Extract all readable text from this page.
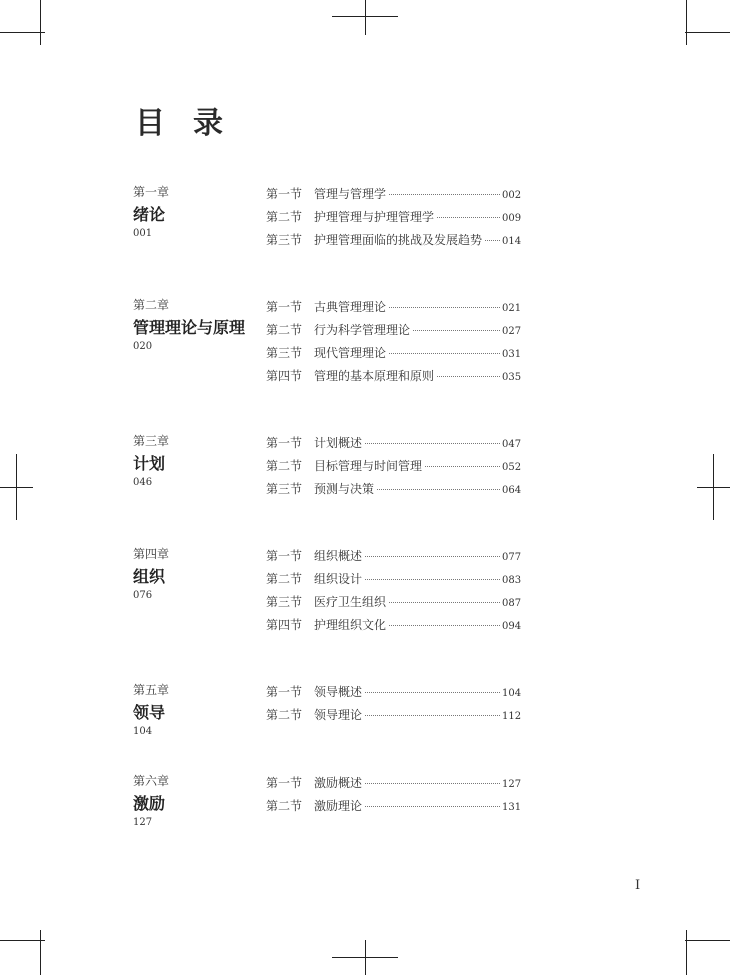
目录
第一章
绪论
001
第一节 管理与管理学	002
第二节 护理管理与护理管理学	009
第三节 护理管理面临的挑战及发展趋势 014
第二章
管理理论与原理
020
第一节 古典管理理论	021
第二节 行为科学管理理论	027
第三节 现代管理理论	031
第四节 管理的基本原理和原则	035
第三章
计划
046
第一节 计划概述	047
第二节 目标管理与时间管理	052
第三节 预测与决策	064
第四章
组织
076
第一节 组织概述	077
第二节 组织设计	083
第三节 医疗卫生组织	087
第四节 护理组织文化	094
第五章
领导
104
第一节 领导概述	104
第二节 领导理论	112
第六章
激励
127
第一节 激励概述	127
第二节 激励理论	131
I
